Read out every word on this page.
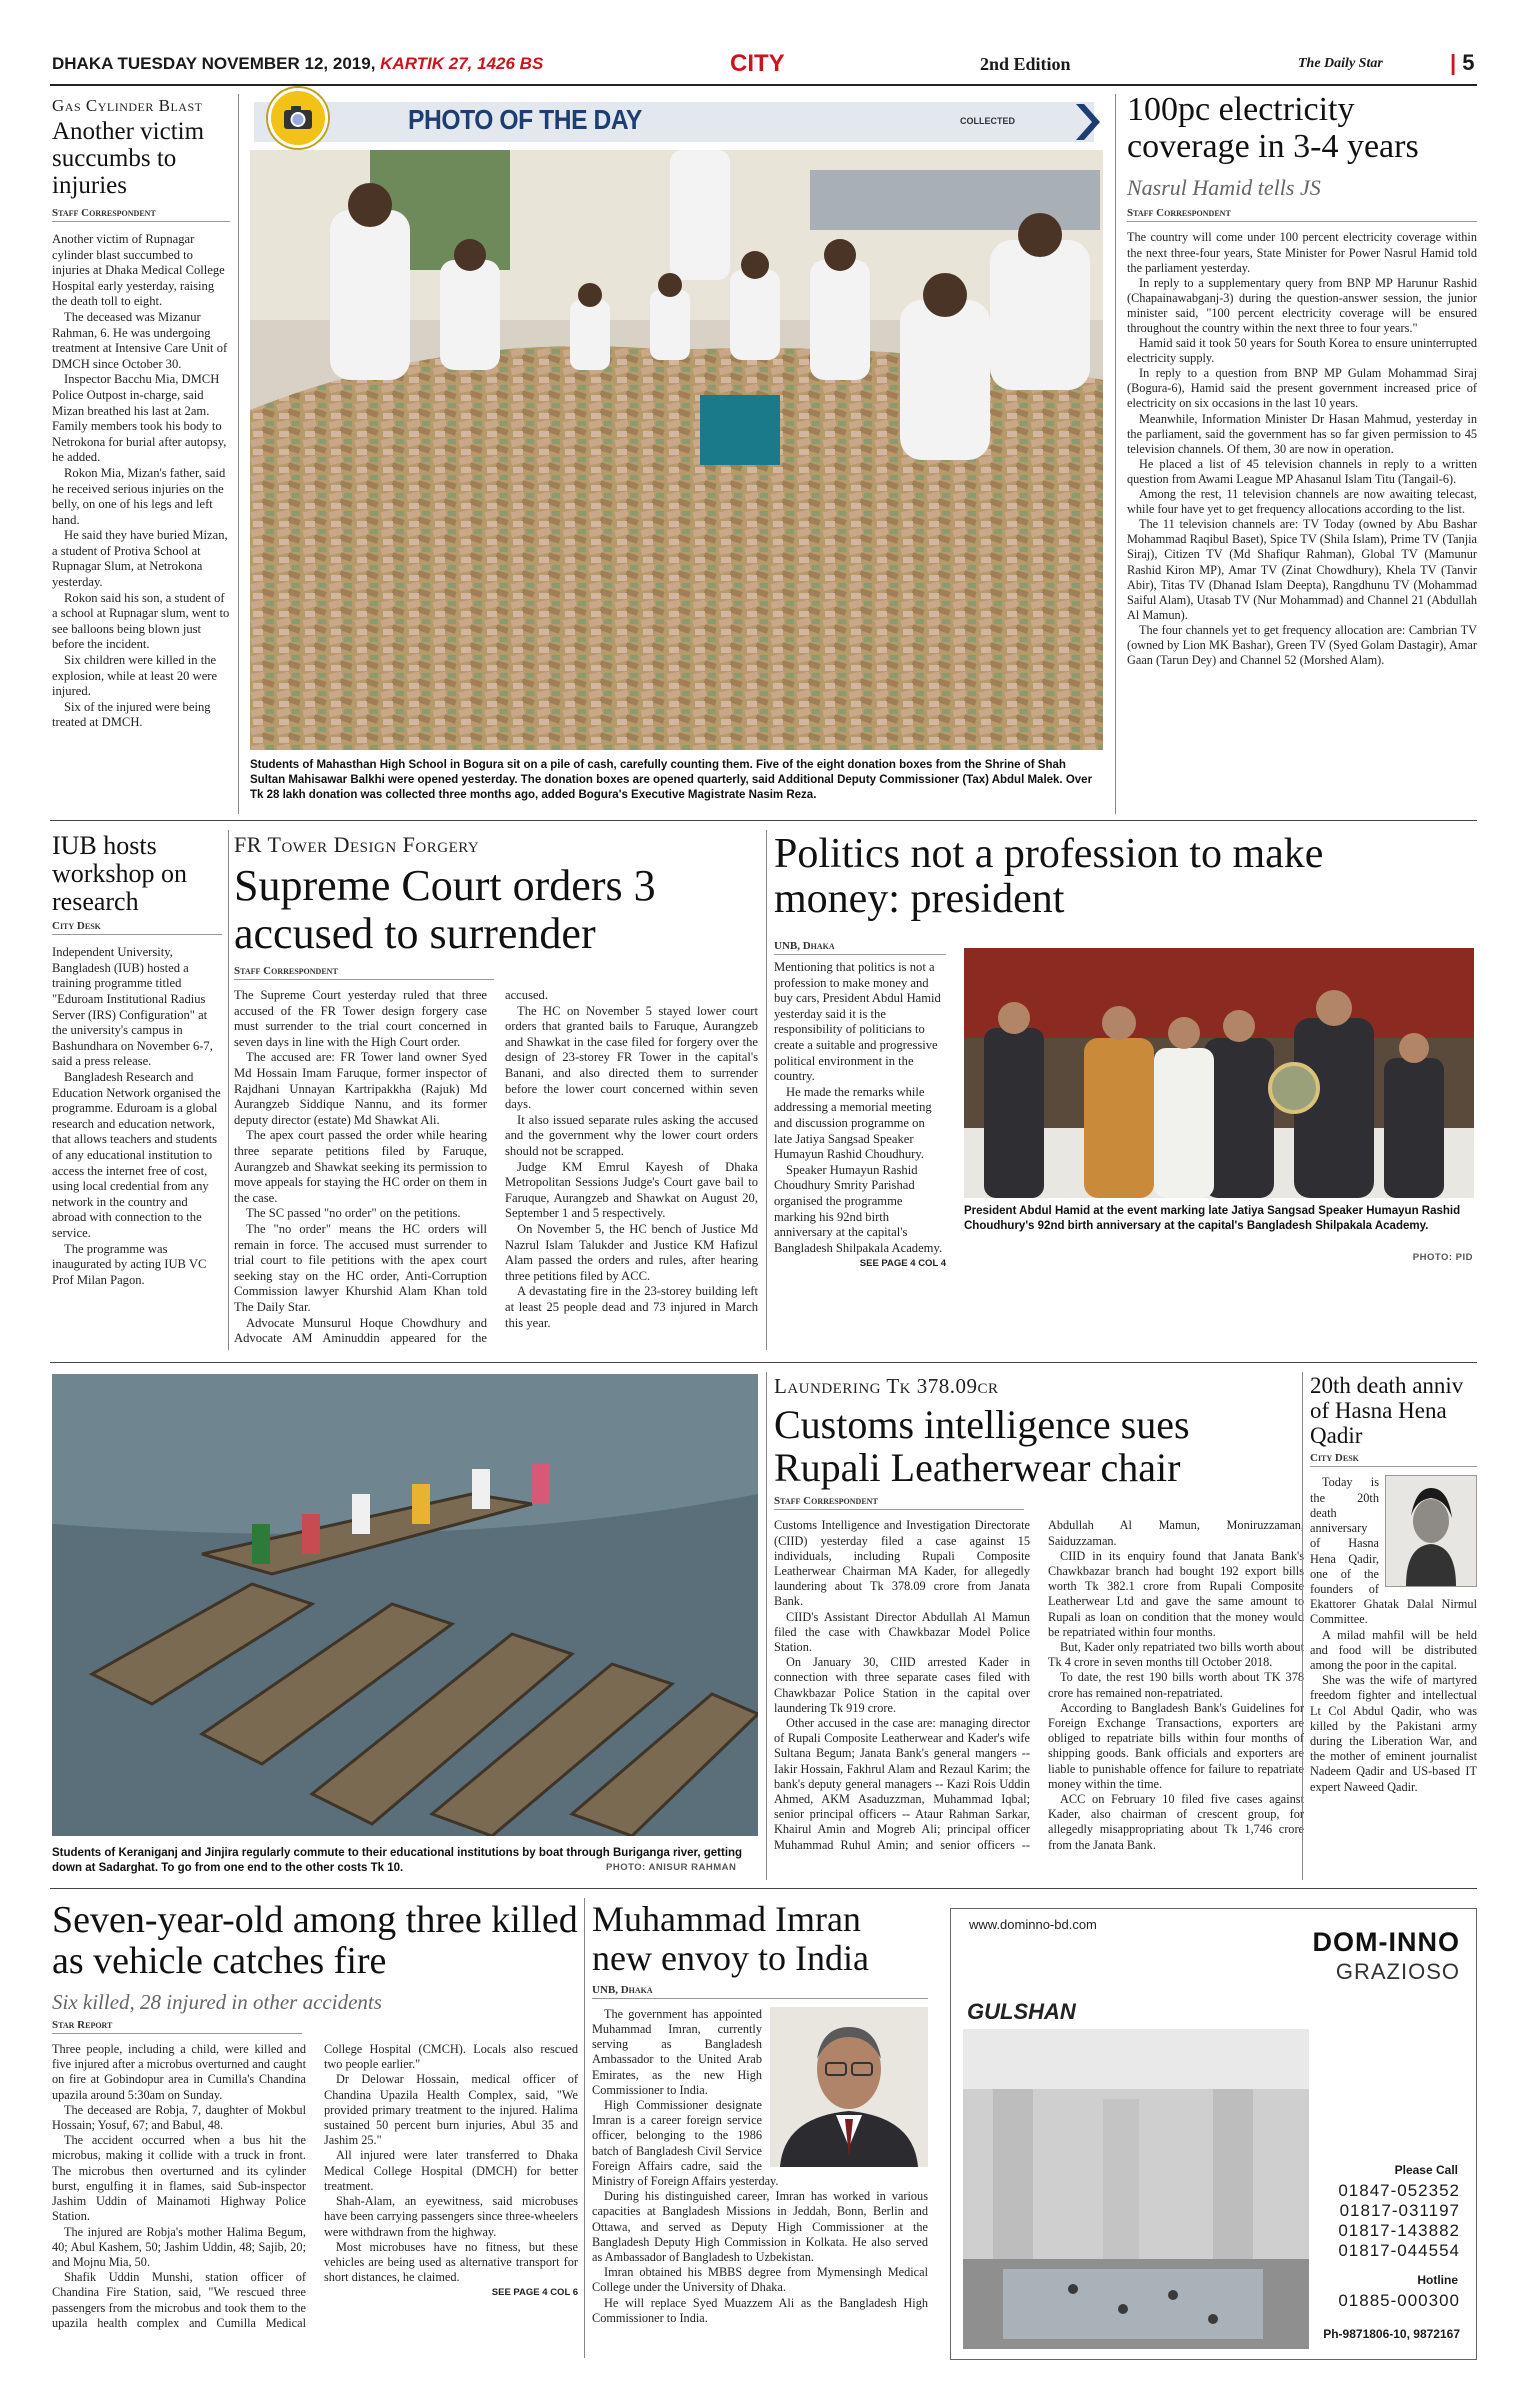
DHAKA TUESDAY NOVEMBER 12, 2019, KARTIK 27, 1426 BS	CITY	2nd Edition	The Daily Star	| 5
Gas Cylinder Blast
Another victim succumbs to injuries
Staff Correspondent

Another victim of Rupnagar cylinder blast succumbed to injuries at Dhaka Medical College Hospital early yesterday, raising the death toll to eight.

The deceased was Mizanur Rahman, 6. He was undergoing treatment at Intensive Care Unit of DMCH since October 30.

Inspector Bacchu Mia, DMCH Police Outpost in-charge, said Mizan breathed his last at 2am. Family members took his body to Netrokona for burial after autopsy, he added.

Rokon Mia, Mizan's father, said he received serious injuries on the belly, on one of his legs and left hand.

He said they have buried Mizan, a student of Protiva School at Rupnagar Slum, at Netrokona yesterday.

Rokon said his son, a student of a school at Rupnagar slum, went to see balloons being blown just before the incident.

Six children were killed in the explosion, while at least 20 were injured.

Six of the injured were being treated at DMCH.

PHOTO OF THE DAY	COLLECTED
Students of Mahasthan High School in Bogura sit on a pile of cash, carefully counting them. Five of the eight donation boxes from the Shrine of Shah Sultan Mahisawar Balkhi were opened yesterday. The donation boxes are opened quarterly, said Additional Deputy Commissioner (Tax) Abdul Malek. Over Tk 28 lakh donation was collected three months ago, added Bogura's Executive Magistrate Nasim Reza.
100pc electricity coverage in 3-4 years
Nasrul Hamid tells JS
Staff Correspondent

The country will come under 100 percent electricity coverage within the next three-four years, State Minister for Power Nasrul Hamid told the parliament yesterday.

In reply to a supplementary query from BNP MP Harunur Rashid (Chapainawabganj-3) during the question-answer session, the junior minister said, "100 percent electricity coverage will be ensured throughout the country within the next three to four years."

Hamid said it took 50 years for South Korea to ensure uninterrupted electricity supply.

In reply to a question from BNP MP Gulam Mohammad Siraj (Bogura-6), Hamid said the present government increased price of electricity on six occasions in the last 10 years.

Meanwhile, Information Minister Dr Hasan Mahmud, yesterday in the parliament, said the government has so far given permission to 45 television channels. Of them, 30 are now in operation.

He placed a list of 45 television channels in reply to a written question from Awami League MP Ahasanul Islam Titu (Tangail-6).

Among the rest, 11 television channels are now awaiting telecast, while four have yet to get frequency allocations according to the list.

The 11 television channels are: TV Today (owned by Abu Bashar Mohammad Raqibul Baset), Spice TV (Shila Islam), Prime TV (Tanjia Siraj), Citizen TV (Md Shafiqur Rahman), Global TV (Mamunur Rashid Kiron MP), Amar TV (Zinat Chowdhury), Khela TV (Tanvir Abir), Titas TV (Dhanad Islam Deepta), Rangdhunu TV (Mohammad Saiful Alam), Utasab TV (Nur Mohammad) and Channel 21 (Abdullah Al Mamun).

The four channels yet to get frequency allocation are: Cambrian TV (owned by Lion MK Bashar), Green TV (Syed Golam Dastagir), Amar Gaan (Tarun Dey) and Channel 52 (Morshed Alam).

IUB hosts workshop on research
City Desk

Independent University, Bangladesh (IUB) hosted a training programme titled "Eduroam Institutional Radius Server (IRS) Configuration" at the university's campus in Bashundhara on November 6-7, said a press release.

Bangladesh Research and Education Network organised the programme. Eduroam is a global research and education network, that allows teachers and students of any educational institution to access the internet free of cost, using local credential from any network in the country and abroad with connection to the service.

The programme was inaugurated by acting IUB VC Prof Milan Pagon.

FR Tower Design Forgery
Supreme Court orders 3 accused to surrender
Staff Correspondent

The Supreme Court yesterday ruled that three accused of the FR Tower design forgery case must surrender to the trial court concerned in seven days in line with the High Court order.

The accused are: FR Tower land owner Syed Md Hossain Imam Faruque, former inspector of Rajdhani Unnayan Kartripakkha (Rajuk) Md Aurangzeb Siddique Nannu, and its former deputy director (estate) Md Shawkat Ali.

The apex court passed the order while hearing three separate petitions filed by Faruque, Aurangzeb and Shawkat seeking its permission to move appeals for staying the HC order on them in the case.

The SC passed "no order" on the petitions.

The "no order" means the HC orders will remain in force. The accused must surrender to trial court to file petitions with the apex court seeking stay on the HC order, Anti-Corruption Commission lawyer Khurshid Alam Khan told The Daily Star.

Advocate Munsurul Hoque Chowdhury and Advocate AM Aminuddin appeared for the accused.

The HC on November 5 stayed lower court orders that granted bails to Faruque, Aurangzeb and Shawkat in the case filed for forgery over the design of 23-storey FR Tower in the capital's Banani, and also directed them to surrender before the lower court concerned within seven days.

It also issued separate rules asking the accused and the government why the lower court orders should not be scrapped.

Judge KM Emrul Kayesh of Dhaka Metropolitan Sessions Judge's Court gave bail to Faruque, Aurangzeb and Shawkat on August 20, September 1 and 5 respectively.

On November 5, the HC bench of Justice Md Nazrul Islam Talukder and Justice KM Hafizul Alam passed the orders and rules, after hearing three petitions filed by ACC.

A devastating fire in the 23-storey building left at least 25 people dead and 73 injured in March this year.

Politics not a profession to make money: president
UNB, Dhaka

Mentioning that politics is not a profession to make money and buy cars, President Abdul Hamid yesterday said it is the responsibility of politicians to create a suitable and progressive political environment in the country.

He made the remarks while addressing a memorial meeting and discussion programme on late Jatiya Sangsad Speaker Humayun Rashid Choudhury.

Speaker Humayun Rashid Choudhury Smrity Parishad organised the programme marking his 92nd birth anniversary at the capital's Bangladesh Shilpakala Academy.

SEE PAGE 4 COL 4
President Abdul Hamid at the event marking late Jatiya Sangsad Speaker Humayun Rashid Choudhury's 92nd birth anniversary at the capital's Bangladesh Shilpakala Academy.
PHOTO: PID
Students of Keraniganj and Jinjira regularly commute to their educational institutions by boat through Buriganga river, getting down at Sadarghat. To go from one end to the other costs Tk 10.	PHOTO: ANISUR RAHMAN
Laundering Tk 378.09cr
Customs intelligence sues Rupali Leatherwear chair
Staff Correspondent

Customs Intelligence and Investigation Directorate (CIID) yesterday filed a case against 15 individuals, including Rupali Composite Leatherwear Chairman MA Kader, for allegedly laundering about Tk 378.09 crore from Janata Bank.

CIID's Assistant Director Abdullah Al Mamun filed the case with Chawkbazar Model Police Station.

On January 30, CIID arrested Kader in connection with three separate cases filed with Chawkbazar Police Station in the capital over laundering Tk 919 crore.

Other accused in the case are: managing director of Rupali Composite Leatherwear and Kader's wife Sultana Begum; Janata Bank's general mangers -- Iakir Hossain, Fakhrul Alam and Rezaul Karim; the bank's deputy general managers -- Kazi Rois Uddin Ahmed, AKM Asaduzzman, Muhammad Iqbal; senior principal officers -- Ataur Rahman Sarkar, Khairul Amin and Mogreb Ali; principal officer Muhammad Ruhul Amin; and senior officers -- Abdullah Al Mamun, Moniruzzaman, Saiduzzaman.

CIID in its enquiry found that Janata Bank's Chawkbazar branch had bought 192 export bills worth Tk 382.1 crore from Rupali Composite Leatherwear Ltd and gave the same amount to Rupali as loan on condition that the money would be repatriated within four months.

But, Kader only repatriated two bills worth about Tk 4 crore in seven months till October 2018.

To date, the rest 190 bills worth about TK 378 crore has remained non-repatriated.

According to Bangladesh Bank's Guidelines for Foreign Exchange Transactions, exporters are obliged to repatriate bills within four months of shipping goods. Bank officials and exporters are liable to punishable offence for failure to repatriate money within the time.

ACC on February 10 filed five cases against Kader, also chairman of crescent group, for allegedly misappropriating about Tk 1,746 crore from the Janata Bank.

20th death anniv of Hasna Hena Qadir
City Desk

Today is the 20th death anniversary of Hasna Hena Qadir, one of the founders of Ekattorer Ghatak Dalal Nirmul Committee.

A milad mahfil will be held and food will be distributed among the poor in the capital.

She was the wife of martyred freedom fighter and intellectual Lt Col Abdul Qadir, who was killed by the Pakistani army during the Liberation War, and the mother of eminent journalist Nadeem Qadir and US-based IT expert Naweed Qadir.

Seven-year-old among three killed as vehicle catches fire
Six killed, 28 injured in other accidents
Star Report

Three people, including a child, were killed and five injured after a microbus overturned and caught on fire at Gobindopur area in Cumilla's Chandina upazila around 5:30am on Sunday.

The deceased are Robja, 7, daughter of Mokbul Hossain; Yosuf, 67; and Babul, 48.

The accident occurred when a bus hit the microbus, making it collide with a truck in front. The microbus then overturned and its cylinder burst, engulfing it in flames, said Sub-inspector Jashim Uddin of Mainamoti Highway Police Station.

The injured are Robja's mother Halima Begum, 40; Abul Kashem, 50; Jashim Uddin, 48; Sajib, 20; and Mojnu Mia, 50.

Shafik Uddin Munshi, station officer of Chandina Fire Station, said, "We rescued three passengers from the microbus and took them to the upazila health complex and Cumilla Medical College Hospital (CMCH). Locals also rescued two people earlier."

Dr Delowar Hossain, medical officer of Chandina Upazila Health Complex, said, "We provided primary treatment to the injured. Halima sustained 50 percent burn injuries, Abul 35 and Jashim 25."

All injured were later transferred to Dhaka Medical College Hospital (DMCH) for better treatment.

Shah-Alam, an eyewitness, said microbuses have been carrying passengers since three-wheelers were withdrawn from the highway.

Most microbuses have no fitness, but these vehicles are being used as alternative transport for short distances, he claimed.

SEE PAGE 4 COL 6
Muhammad Imran new envoy to India
UNB, Dhaka

The government has appointed Muhammad Imran, currently serving as Bangladesh Ambassador to the United Arab Emirates, as the new High Commissioner to India.

High Commissioner designate Imran is a career foreign service officer, belonging to the 1986 batch of Bangladesh Civil Service Foreign Affairs cadre, said the Ministry of Foreign Affairs yesterday.

During his distinguished career, Imran has worked in various capacities at Bangladesh Missions in Jeddah, Bonn, Berlin and Ottawa, and served as Deputy High Commissioner at the Bangladesh Deputy High Commission in Kolkata. He also served as Ambassador of Bangladesh to Uzbekistan.

Imran obtained his MBBS degree from Mymensingh Medical College under the University of Dhaka.

He will replace Syed Muazzem Ali as the Bangladesh High Commissioner to India.

www.dominno-bd.com
DOM-INNO
GRAZIOSO
GULSHAN
Please Call
01847-052352
01817-031197
01817-143882
01817-044554
Hotline
01885-000300
Ph-9871806-10, 9872167
